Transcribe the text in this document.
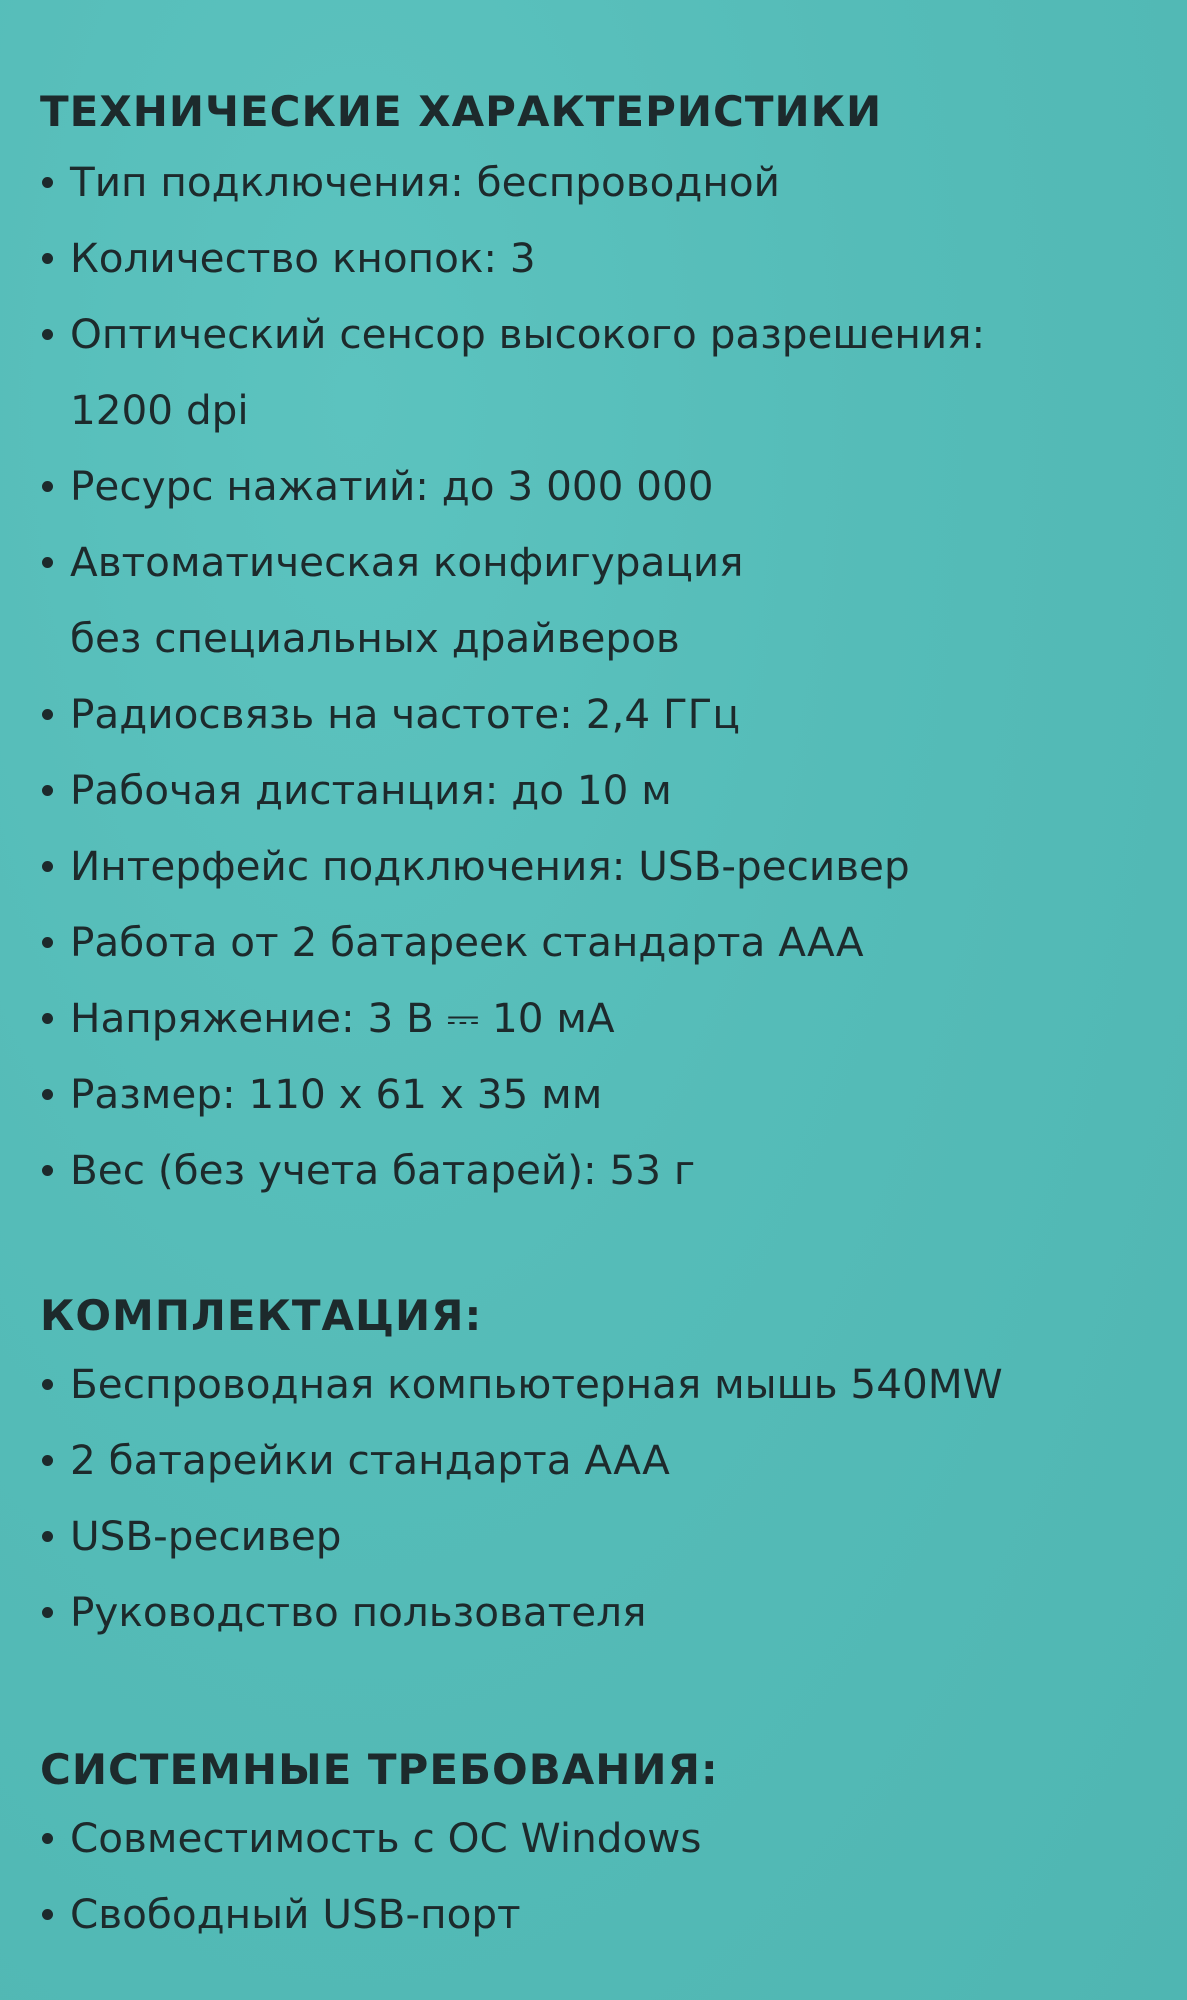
ТЕХНИЧЕСКИЕ ХАРАКТЕРИСТИКИ
Тип подключения: беспроводной
Количество кнопок: 3
Оптический сенсор высокого разрешения:
1200 dpi
Ресурс нажатий: до 3 000 000
Автоматическая конфигурация
без специальных драйверов
Радиосвязь на частоте: 2,4 ГГц
Рабочая дистанция: до 10 м
Интерфейс подключения: USB-ресивер
Работа от 2 батареек стандарта AAA
Напряжение: 3 В ⎓ 10 мА
Размер: 110 x 61 x 35 мм
Вес (без учета батарей): 53 г
КОМПЛЕКТАЦИЯ:
Беспроводная компьютерная мышь 540MW
2 батарейки стандарта AAA
USB-ресивер
Руководство пользователя
СИСТЕМНЫЕ ТРЕБОВАНИЯ:
Совместимость с ОС Windows
Свободный USB-порт
